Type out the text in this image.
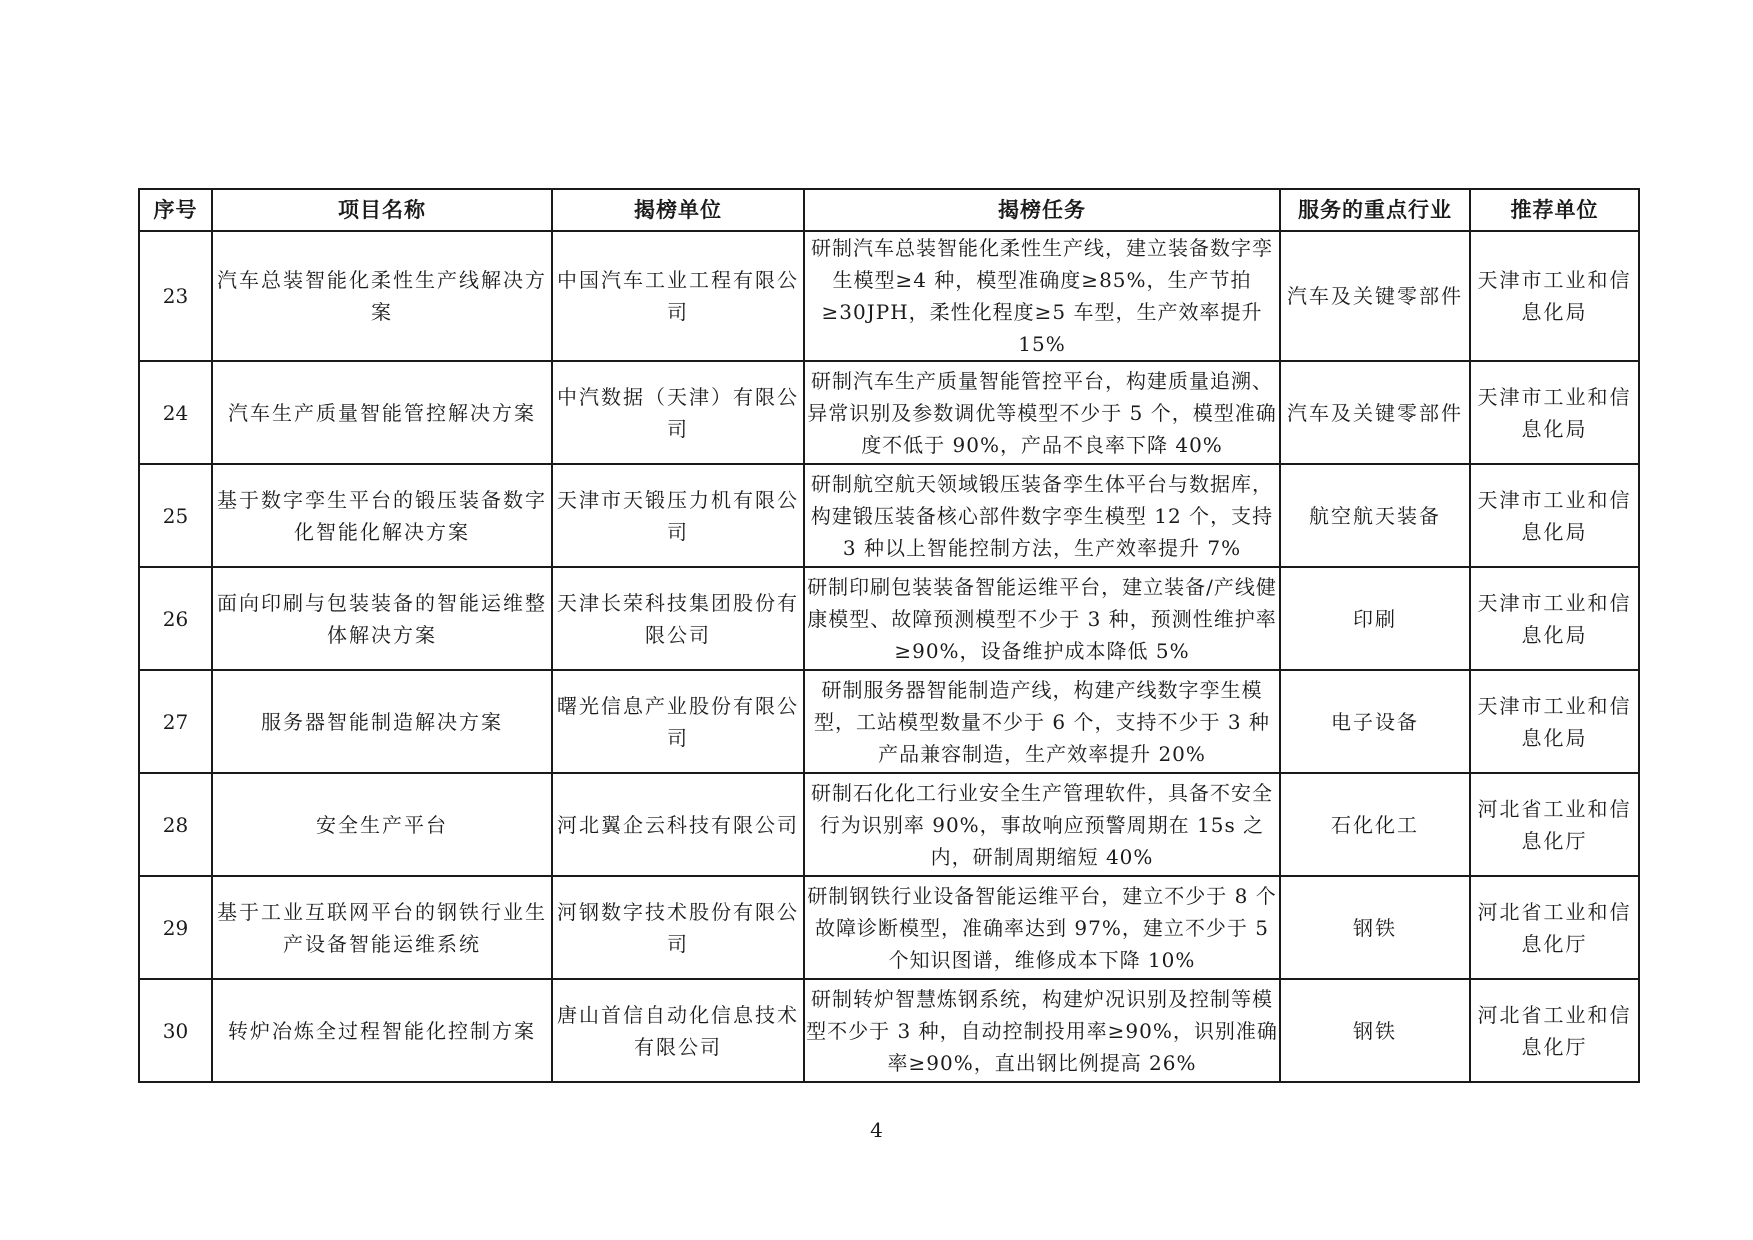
序号	项目名称	揭榜单位	揭榜任务	服务的重点行业	推荐单位
23	汽车总装智能化柔性生产线解决方案	中国汽车工业工程有限公司	研制汽车总装智能化柔性生产线，建立装备数字孪生模型≥4 种，模型准确度≥85%，生产节拍≥30JPH，柔性化程度≥5 车型，生产效率提升 15%	汽车及关键零部件	天津市工业和信息化局
24	汽车生产质量智能管控解决方案	中汽数据（天津）有限公司	研制汽车生产质量智能管控平台，构建质量追溯、异常识别及参数调优等模型不少于 5 个，模型准确度不低于 90%，产品不良率下降 40%	汽车及关键零部件	天津市工业和信息化局
25	基于数字孪生平台的锻压装备数字化智能化解决方案	天津市天锻压力机有限公司	研制航空航天领域锻压装备孪生体平台与数据库，构建锻压装备核心部件数字孪生模型 12 个，支持 3 种以上智能控制方法，生产效率提升 7%	航空航天装备	天津市工业和信息化局
26	面向印刷与包装装备的智能运维整体解决方案	天津长荣科技集团股份有限公司	研制印刷包装装备智能运维平台，建立装备/产线健康模型、故障预测模型不少于 3 种，预测性维护率≥90%，设备维护成本降低 5%	印刷	天津市工业和信息化局
27	服务器智能制造解决方案	曙光信息产业股份有限公司	研制服务器智能制造产线，构建产线数字孪生模型，工站模型数量不少于 6 个，支持不少于 3 种产品兼容制造，生产效率提升 20%	电子设备	天津市工业和信息化局
28	安全生产平台	河北翼企云科技有限公司	研制石化化工行业安全生产管理软件，具备不安全行为识别率 90%，事故响应预警周期在 15s 之内，研制周期缩短 40%	石化化工	河北省工业和信息化厅
29	基于工业互联网平台的钢铁行业生产设备智能运维系统	河钢数字技术股份有限公司	研制钢铁行业设备智能运维平台，建立不少于 8 个故障诊断模型，准确率达到 97%，建立不少于 5 个知识图谱，维修成本下降 10%	钢铁	河北省工业和信息化厅
30	转炉冶炼全过程智能化控制方案	唐山首信自动化信息技术有限公司	研制转炉智慧炼钢系统，构建炉况识别及控制等模型不少于 3 种，自动控制投用率≥90%，识别准确率≥90%，直出钢比例提高 26%	钢铁	河北省工业和信息化厅
4
